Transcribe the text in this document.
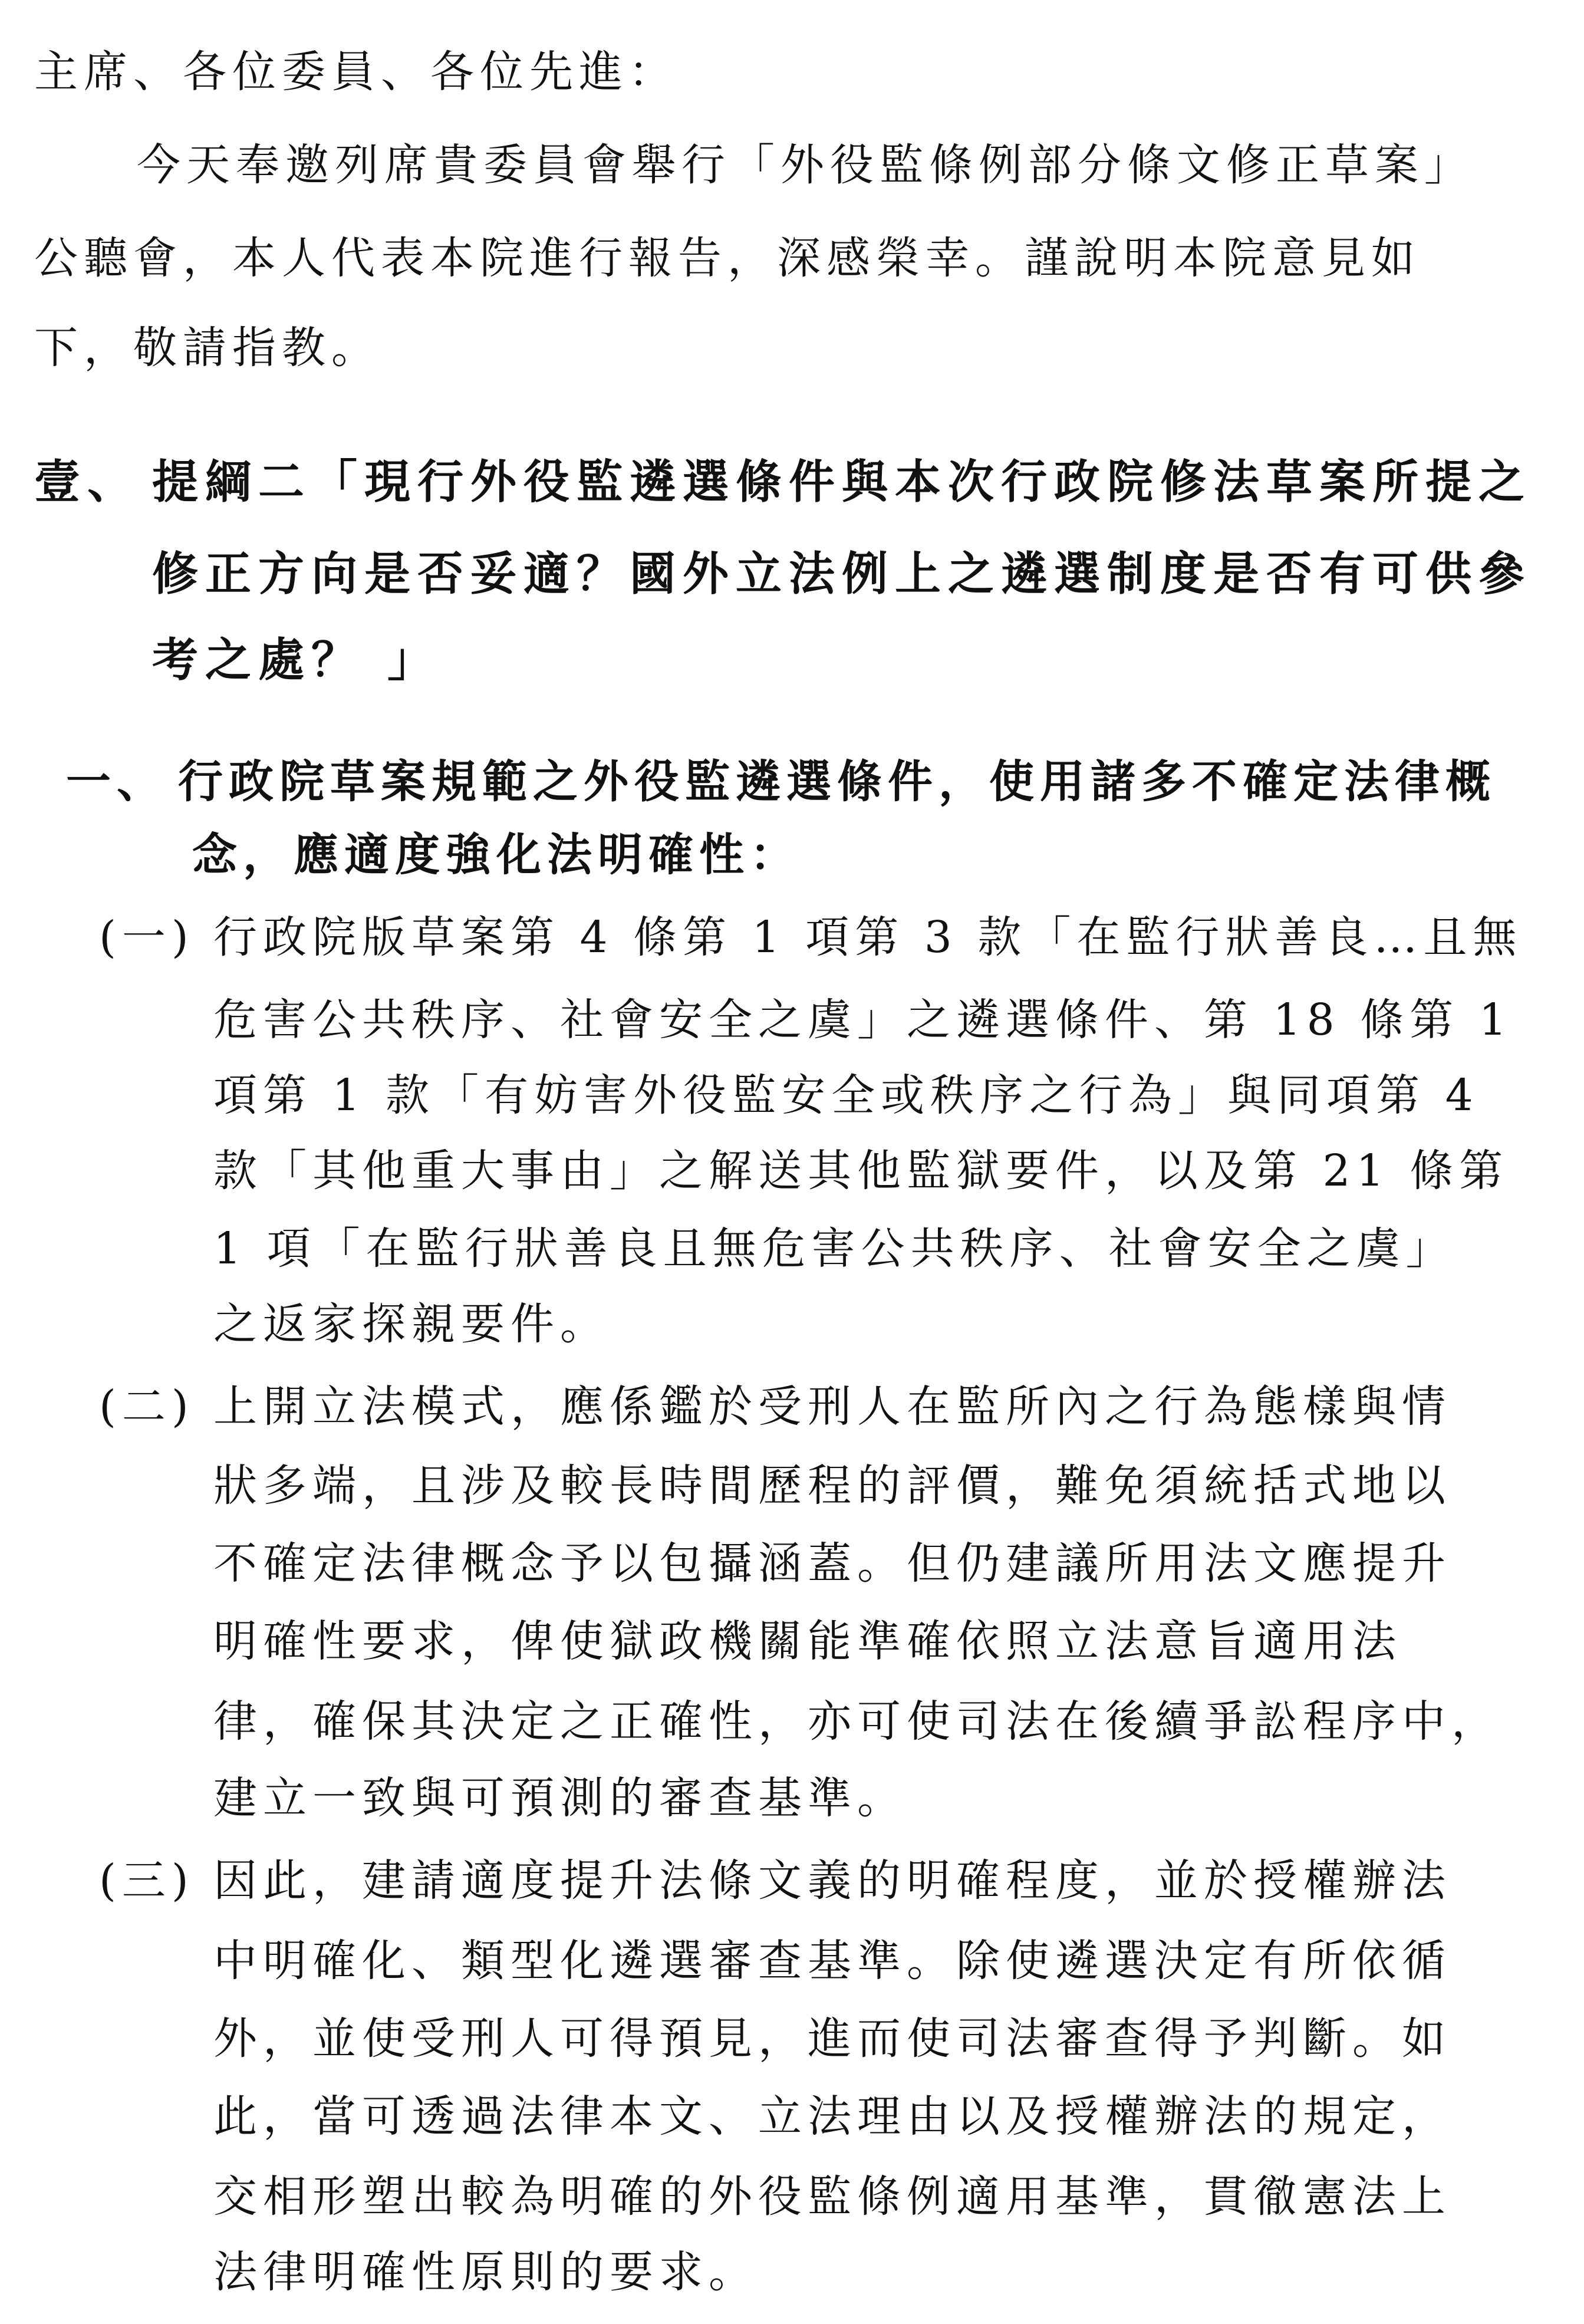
主席、各位委員、各位先進：
今天奉邀列席貴委員會舉行「外役監條例部分條文修正草案」
公聽會，本人代表本院進行報告，深感榮幸。謹說明本院意見如
下，敬請指教。
壹、 提綱二「現行外役監遴選條件與本次行政院修法草案所提之
修正方向是否妥適？國外立法例上之遴選制度是否有可供參
考之處？ 」
一、 行政院草案規範之外役監遴選條件，使用諸多不確定法律概
念，應適度強化法明確性：
(一) 行政院版草案第 4 條第 1 項第 3 款「在監行狀善良…且無
危害公共秩序、社會安全之虞」之遴選條件、第 18 條第 1
項第 1 款「有妨害外役監安全或秩序之行為」與同項第 4
款「其他重大事由」之解送其他監獄要件，以及第 21 條第
1 項「在監行狀善良且無危害公共秩序、社會安全之虞」
之返家探親要件。
(二) 上開立法模式，應係鑑於受刑人在監所內之行為態樣與情
狀多端，且涉及較長時間歷程的評價，難免須統括式地以
不確定法律概念予以包攝涵蓋。但仍建議所用法文應提升
明確性要求，俾使獄政機關能準確依照立法意旨適用法
律，確保其決定之正確性，亦可使司法在後續爭訟程序中，
建立一致與可預測的審查基準。
(三) 因此，建請適度提升法條文義的明確程度，並於授權辦法
中明確化、類型化遴選審查基準。除使遴選決定有所依循
外，並使受刑人可得預見，進而使司法審查得予判斷。如
此，當可透過法律本文、立法理由以及授權辦法的規定，
交相形塑出較為明確的外役監條例適用基準，貫徹憲法上
法律明確性原則的要求。
